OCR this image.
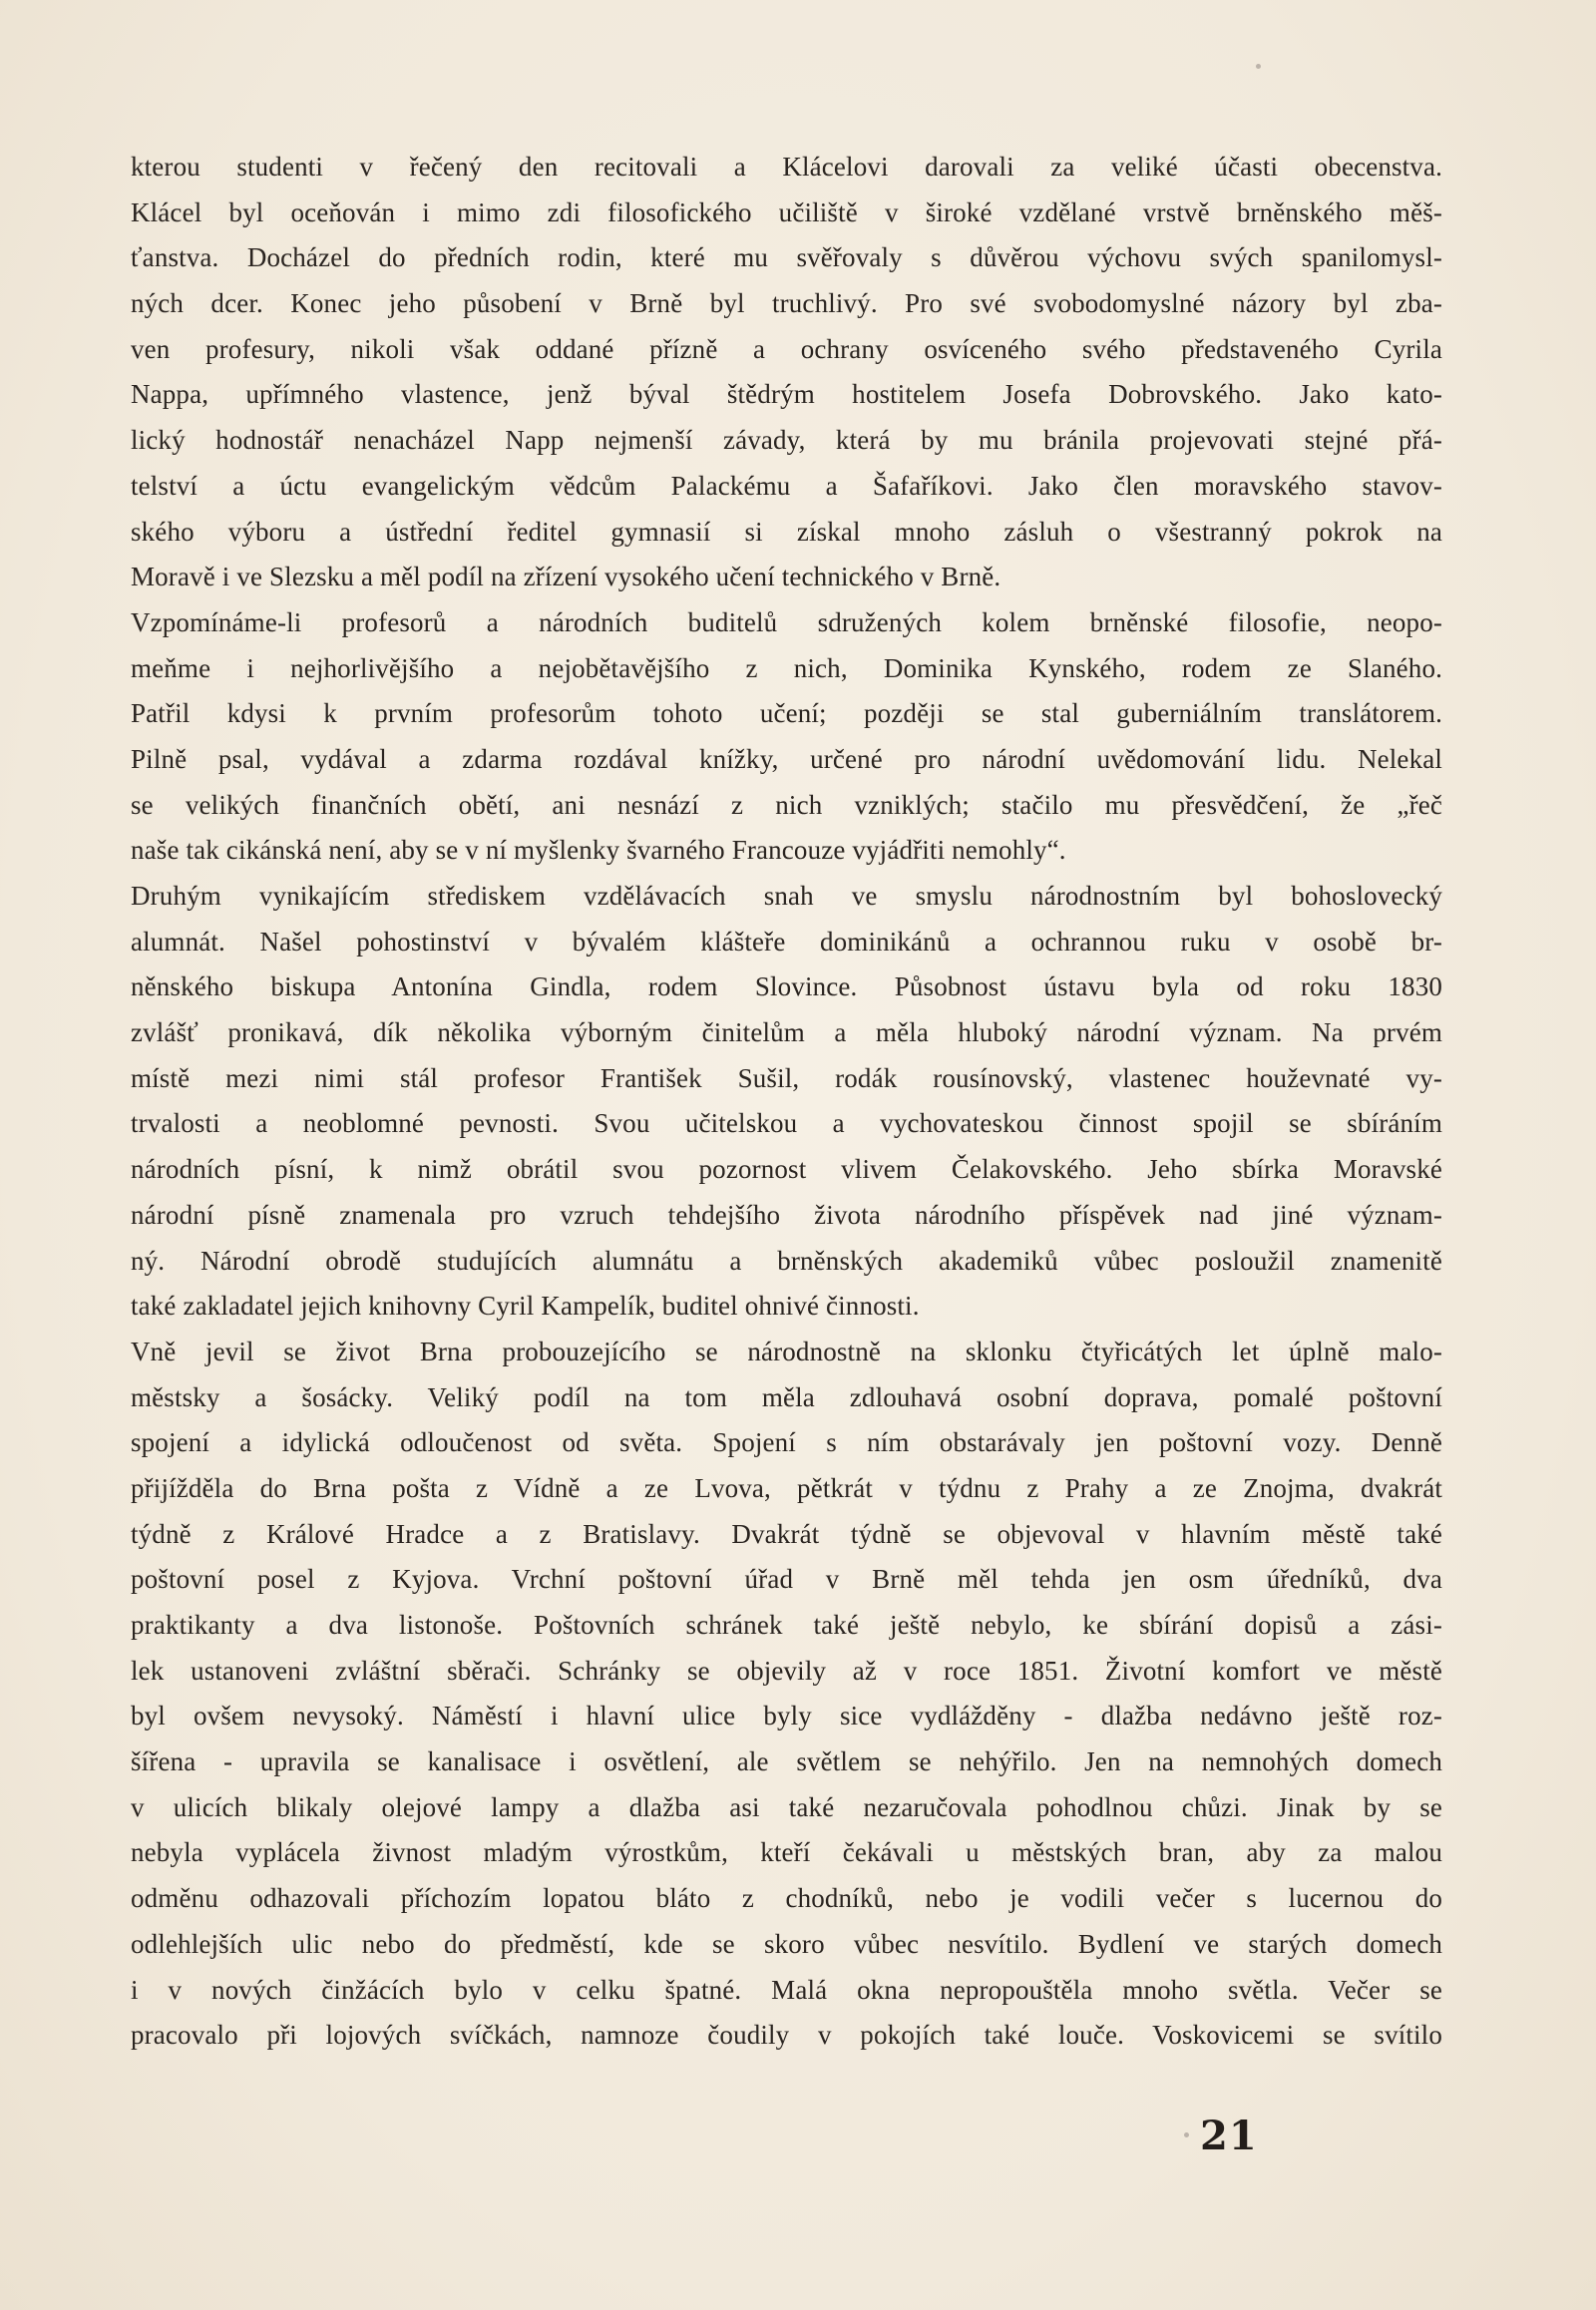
kterou studenti v řečený den recitovali a Klácelovi darovali za veliké účasti obecenstva.
Klácel byl oceňován i mimo zdi filosofického učiliště v široké vzdělané vrstvě brněnského měš-
ťanstva. Docházel do předních rodin, které mu svěřovaly s důvěrou výchovu svých spanilomysl-
ných dcer. Konec jeho působení v Brně byl truchlivý. Pro své svobodomyslné názory byl zba-
ven profesury, nikoli však oddané přízně a ochrany osvíceného svého představeného Cyrila
Nappa, upřímného vlastence, jenž býval štědrým hostitelem Josefa Dobrovského. Jako kato-
lický hodnostář nenacházel Napp nejmenší závady, která by mu bránila projevovati stejné přá-
telství a úctu evangelickým vědcům Palackému a Šafaříkovi. Jako člen moravského stavov-
ského výboru a ústřední ředitel gymnasií si získal mnoho zásluh o všestranný pokrok na
Moravě i ve Slezsku a měl podíl na zřízení vysokého učení technického v Brně.
Vzpomínáme-li profesorů a národních buditelů sdružených kolem brněnské filosofie, neopo-
meňme i nejhorlivějšího a nejobětavějšího z nich, Dominika Kynského, rodem ze Slaného.
Patřil kdysi k prvním profesorům tohoto učení; později se stal guberniálním translátorem.
Pilně psal, vydával a zdarma rozdával knížky, určené pro národní uvědomování lidu. Nelekal
se velikých finančních obětí, ani nesnází z nich vzniklých; stačilo mu přesvědčení, že „řeč
naše tak cikánská není, aby se v ní myšlenky švarného Francouze vyjádřiti nemohly“.
Druhým vynikajícím střediskem vzdělávacích snah ve smyslu národnostním byl bohoslovecký
alumnát. Našel pohostinství v bývalém klášteře dominikánů a ochrannou ruku v osobě br-
něnského biskupa Antonína Gindla, rodem Slovince. Působnost ústavu byla od roku 1830
zvlášť pronikavá, dík několika výborným činitelům a měla hluboký národní význam. Na prvém
místě mezi nimi stál profesor František Sušil, rodák rousínovský, vlastenec houževnaté vy-
trvalosti a neoblomné pevnosti. Svou učitelskou a vychovateskou činnost spojil se sbíráním
národních písní, k nimž obrátil svou pozornost vlivem Čelakovského. Jeho sbírka Moravské
národní písně znamenala pro vzruch tehdejšího života národního příspěvek nad jiné význam-
ný. Národní obrodě studujících alumnátu a brněnských akademiků vůbec posloužil znamenitě
také zakladatel jejich knihovny Cyril Kampelík, buditel ohnivé činnosti.
Vně jevil se život Brna probouzejícího se národnostně na sklonku čtyřicátých let úplně malo-
městsky a šosácky. Veliký podíl na tom měla zdlouhavá osobní doprava, pomalé poštovní
spojení a idylická odloučenost od světa. Spojení s ním obstarávaly jen poštovní vozy. Denně
přijížděla do Brna pošta z Vídně a ze Lvova, pětkrát v týdnu z Prahy a ze Znojma, dvakrát
týdně z Králové Hradce a z Bratislavy. Dvakrát týdně se objevoval v hlavním městě také
poštovní posel z Kyjova. Vrchní poštovní úřad v Brně měl tehda jen osm úředníků, dva
praktikanty a dva listonoše. Poštovních schránek také ještě nebylo, ke sbírání dopisů a zási-
lek ustanoveni zvláštní sběrači. Schránky se objevily až v roce 1851. Životní komfort ve městě
byl ovšem nevysoký. Náměstí i hlavní ulice byly sice vydlážděny - dlažba nedávno ještě roz-
šířena - upravila se kanalisace i osvětlení, ale světlem se nehýřilo. Jen na nemnohých domech
v ulicích blikaly olejové lampy a dlažba asi také nezaručovala pohodlnou chůzi. Jinak by se
nebyla vyplácela živnost mladým výrostkům, kteří čekávali u městských bran, aby za malou
odměnu odhazovali příchozím lopatou bláto z chodníků, nebo je vodili večer s lucernou do
odlehlejších ulic nebo do předměstí, kde se skoro vůbec nesvítilo. Bydlení ve starých domech
i v nových činžácích bylo v celku špatné. Malá okna nepropouštěla mnoho světla. Večer se
pracovalo při lojových svíčkách, namnoze čoudily v pokojích také louče. Voskovicemi se svítilo
21
